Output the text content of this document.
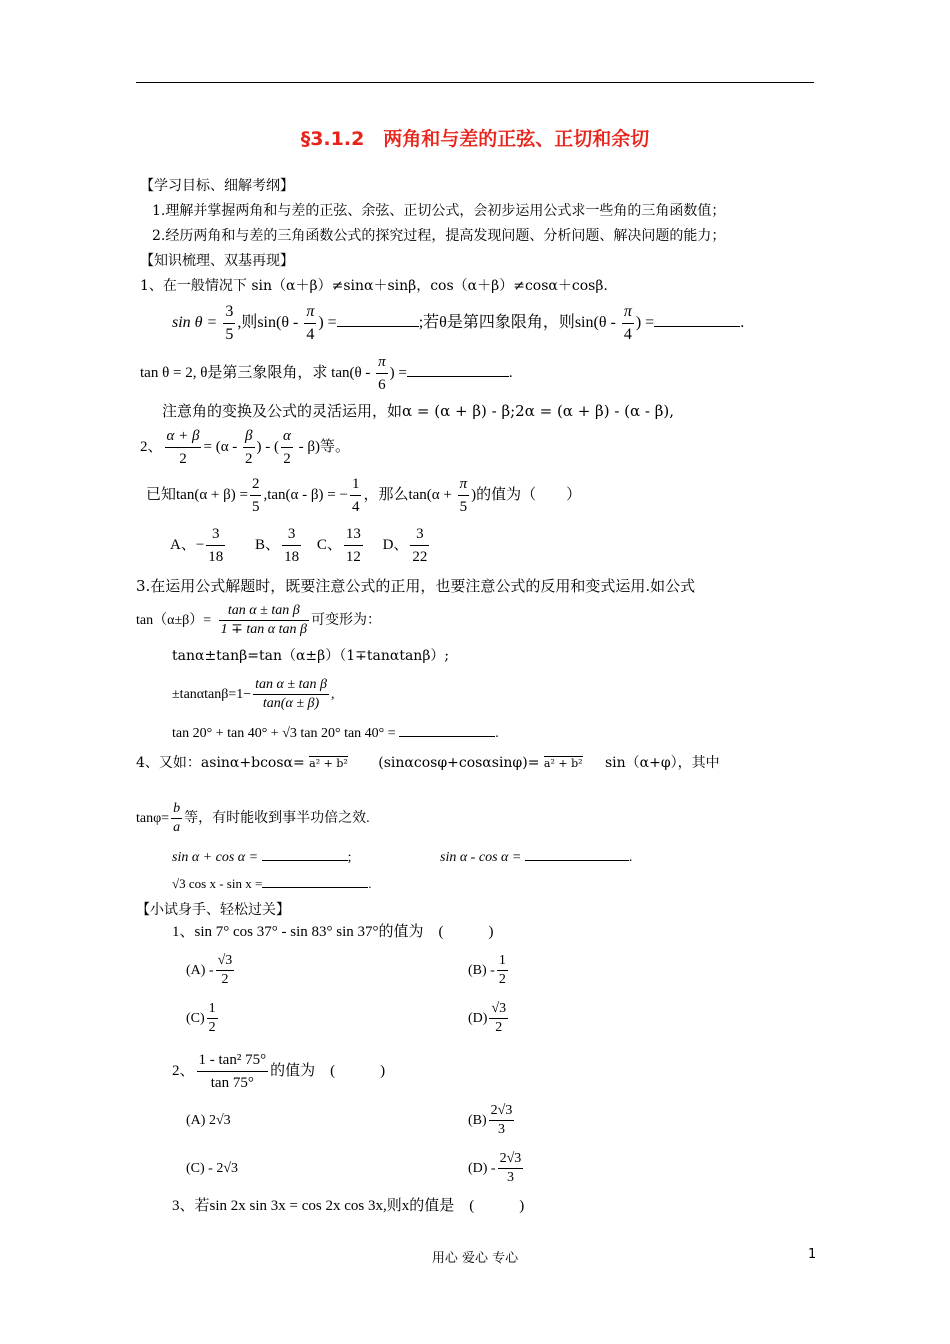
§3.1.2　两角和与差的正弦、正切和余切
【学习目标、细解考纲】
1.理解并掌握两角和与差的正弦、余弦、正切公式，会初步运用公式求一些角的三角函数值；
2.经历两角和与差的三角函数公式的探究过程，提高发现问题、分析问题、解决问题的能力；
【知识梳理、双基再现】
1、在一般情况下 sin（α＋β）≠sinα＋sinβ，cos（α＋β）≠cosα＋cosβ.
$\sin \theta = \frac{3}{5}$ ,则$\sin(\theta - \frac{\pi}{4}$ ) =	;若θ是第四象限角，则$\sin(\theta - \frac{\pi}{4}$ ) =	.
tan θ = 2, θ是第三象限角，求 $\tan(\theta - \frac{\pi}{6}$ ) =	.
注意角的变换及公式的灵活运用，如α = (α + β) - β;2α = (α + β) - (α - β),
2、 $\frac{\alpha + \beta}{2} = (\alpha - \frac{\beta}{2}$ ) - ( $\frac{\alpha}{2} - \beta$)等。
已知$\tan(\alpha + \beta) = \frac{2}{5} ,\tan(\alpha - \beta)$ = − $\frac{1}{4}$ ，那么$\tan(\alpha + \frac{\pi}{5}$ )的值为（　　）
A、− $\frac{3}{18}$ B、 $\frac{3}{18}$ C、 $\frac{13}{12}$ D、 $\frac{3}{22}$
3.在运用公式解题时，既要注意公式的正用，也要注意公式的反用和变式运用.如公式
$\tan(\alpha\pm\beta)= \frac{\text{tan α ± tan β}}{\text{1 ∓ tan α tan β}}$ 可变形为：
tanα±tanβ=tan（α±β）（1∓tanαtanβ）;
$\pm\tan\alpha\tan\beta=1- \frac{\text{tan α ± tan β}}{\tan(\alpha \pm \beta)}$ ,
tan 20° + tan 40° + √3 tan 20° tan 40° =	.
4、又如：asinα+bcosα= a² + b² (sinαcosφ+cosαsinφ)= a² + b² sin（α+φ），其中
$\tan\varphi= \frac{b}{a}$ 等，有时能收到事半功倍之效.
sin α + cos α =	;	sin α - cos α =	.
√3 cos x - sin x =	.
【小试身手、轻松过关】
1、sin 7° cos 37° - sin 83° sin 37°的值为　(　　　)
$(A) - \frac{√3}{2}$	$(B) - \frac{1}{2}$
$(C) \frac{1}{2}$	$(D) \frac{√3}{2}$
2、 $\frac{\text{1 - tan² 75°}}{\tan 75^\circ}$ 的值为　(　　　)
(A) 2√3	$(B) \frac{2√3}{3}$
(C) - 2√3	$(D) - \frac{2√3}{3}$
3、若sin 2x sin 3x = cos 2x cos 3x,则x的值是　(　　　)
用心 爱心 专心	1
